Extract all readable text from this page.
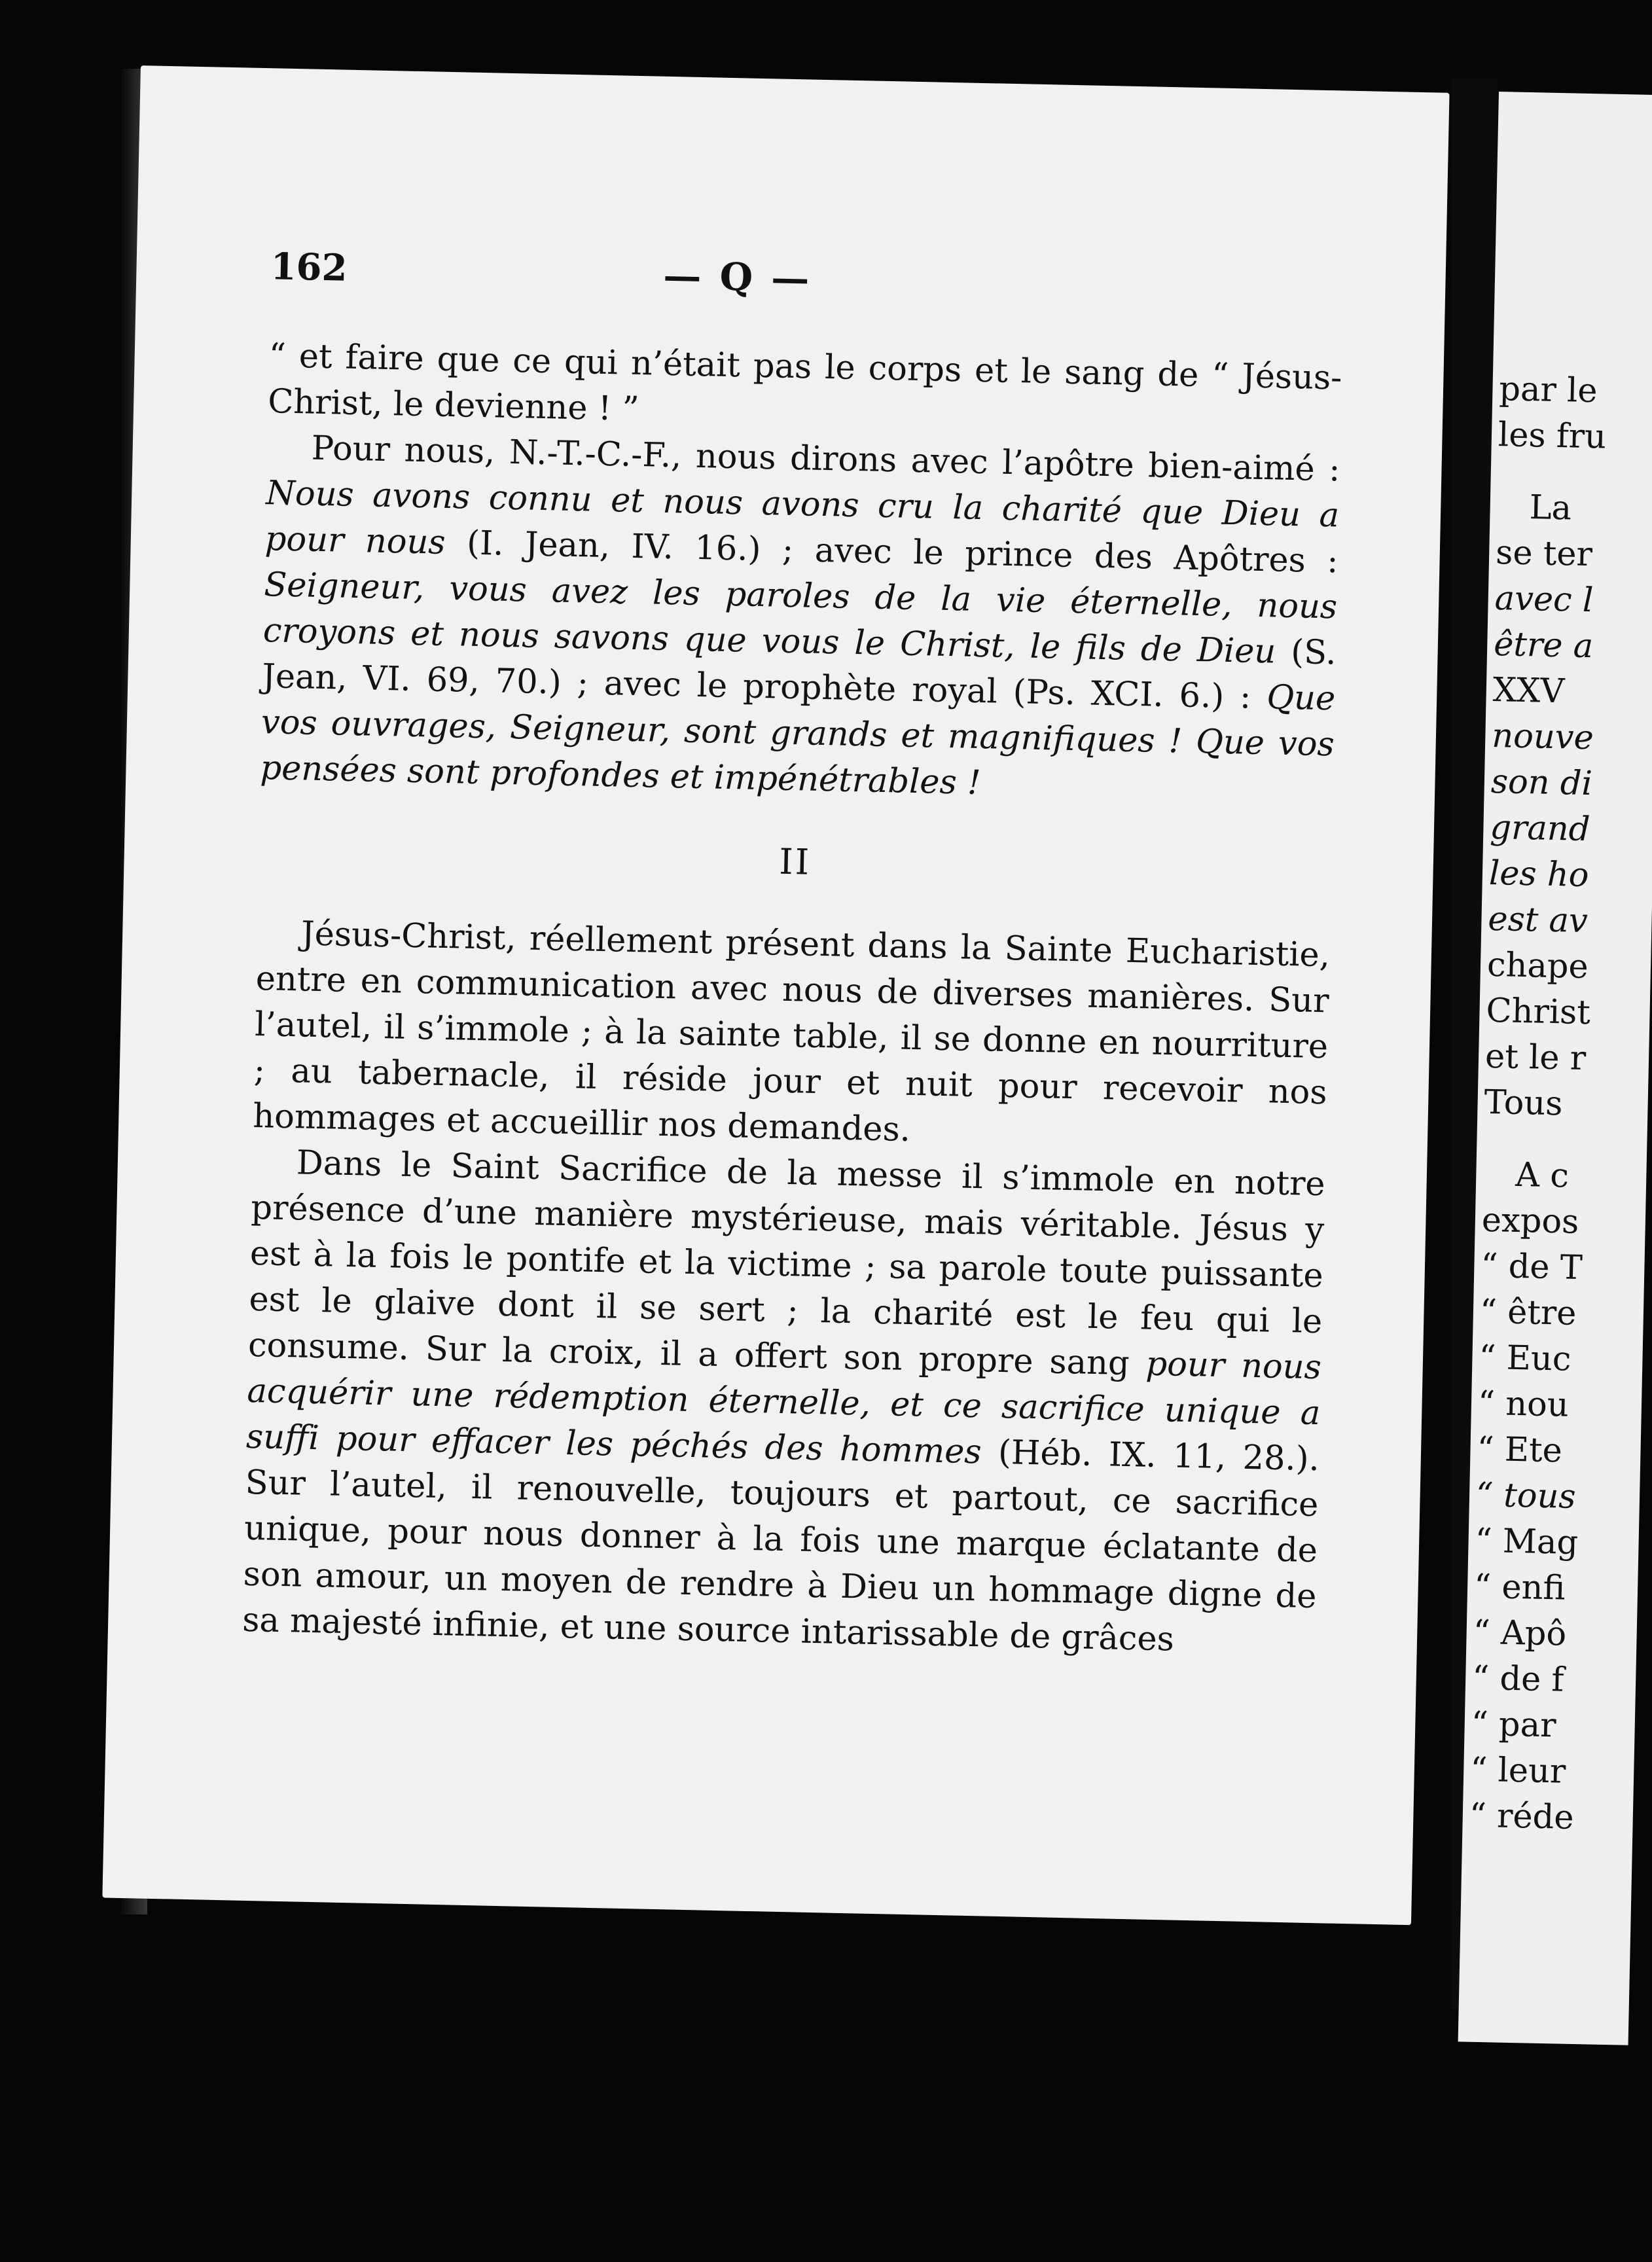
162	— Q —

“ et faire que ce qui n’était pas le corps et le sang de “ Jésus-Christ, le devienne ! ”

Pour nous, N.-T.-C.-F., nous dirons avec l’apôtre bien-aimé : Nous avons connu et nous avons cru la charité que Dieu a pour nous (I. Jean, IV. 16.) ; avec le prince des Apôtres : Seigneur, vous avez les paroles de la vie éternelle, nous croyons et nous savons que vous le Christ, le fils de Dieu (S. Jean, VI. 69, 70.) ; avec le prophète royal (Ps. XCI. 6.) : Que vos ouvrages, Seigneur, sont grands et magnifiques ! Que vos pensées sont profondes et impénétrables !

II

Jésus-Christ, réellement présent dans la Sainte Eucharistie, entre en communication avec nous de diverses manières. Sur l’autel, il s’immole ; à la sainte table, il se donne en nourriture ; au tabernacle, il réside jour et nuit pour recevoir nos hommages et accueillir nos demandes.

Dans le Saint Sacrifice de la messe il s’immole en notre présence d’une manière mystérieuse, mais véritable. Jésus y est à la fois le pontife et la victime ; sa parole toute puissante est le glaive dont il se sert ; la charité est le feu qui le consume. Sur la croix, il a offert son propre sang pour nous acquérir une rédemption éternelle, et ce sacrifice unique a suffi pour effacer les péchés des hommes (Héb. IX. 11, 28.). Sur l’autel, il renouvelle, toujours et partout, ce sacrifice unique, pour nous donner à la fois une marque éclatante de son amour, un moyen de rendre à Dieu un hommage digne de sa majesté infinie, et une source intarissable de grâces

par le
les fru
La
se ter
avec l
être a
XXV
nouve
son di
grand
les ho
est av
chape
Christ
et le r
Tous
A c
expos
“ de T
“ être
“ Euc
“ nou
“ Ete
“ tous
“ Mag
“ enfi
“ Apô
“ de f
“ par
“ leur
“ réde
